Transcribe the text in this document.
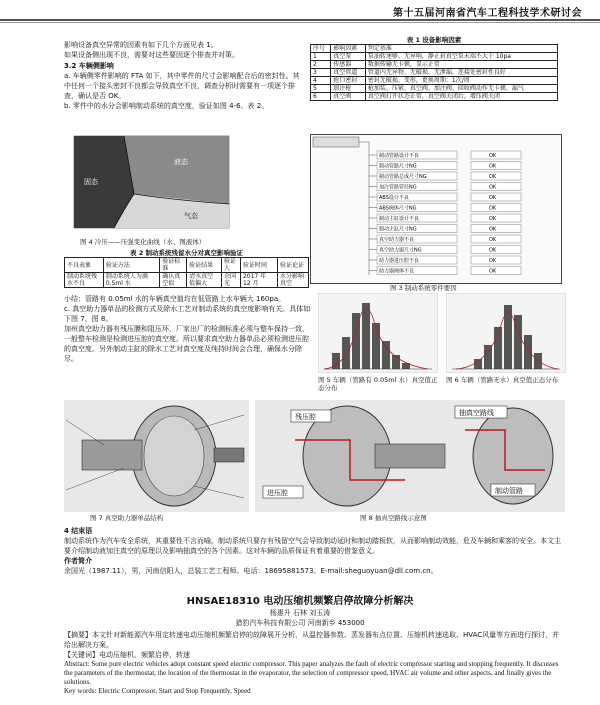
第十五届河南省汽车工程科技学术研讨会
影响设备真空异常的因素有如下几个方面见表 1。
如果设备侧出现不良，需要对这些要因逐个排查并对策。
3.2 车辆侧影响
a. 车辆侧零件影响的 FTA 如下，其中零件的尺寸会影响配合后的密封性。其中任何一个接头密封不良都会导致真空不良，调查分析时需要有一项逐个排查，确认是否 OK。
b. 零件中的水分会影响制动系统的真空度，验证如图 4-6、表 2。
表 1 设备影响因素
序号	影响因素	判定基准
1	真空泵	泵油转速够、无异响，静止封真空泵末端不大于 10pa
2	传感器	数据传输无卡顿，显示正常
3	真空管道	管道内无异物、无破损、无泄漏，连接处密封性良好
4	抢口密封	密封无破损、变形，更换周期：1次/周
5	加注枪	枪加装、压紧、真空阀、加注阀、回收阀动作无卡顿、漏气
6	真空阀	真空阀打开状态正常，真空阀关闭后，增压阀关闭
固态
液态
气态
图 4 冷压——压强变化曲线（水、图液体）
表 2 制动系统残留水分对真空影响验证
不良表象	验证方法	验证标准	验证结果	验证人	验证时间	验证论证
制动系统残水不良	制动系统人为滴 0.5ml 水	确认真空值	清水真空值偏大	余国光	2017 年 12 月	水分影响真空
制动管路设计不良	OK
制动管路尺寸NG	OK
制动管路总成尺寸NG	OK
加注管路管径NG	OK
ABS设计不良	OK
ABS阀体尺寸NG	OK
制动主缸设计不良	OK
制动主缸尺寸NG	OK
真空助力器不良	OK
真空助力器尺寸NG	OK
助力器进压腔不良	OK
助力器阀体不良	OK
图 3 制动系统零件要因
小结：管路有 0.05ml 水的车辆真空值均在低管路上水车辆大 160pa。
c. 真空助力器单品的检测方式及除水工艺对制动系统的真空度影响有关。具体如下图 7、图 8。
加州真空助力器有残压膜和阻压环，厂家出厂的检测标准必须与整车保持一致，一般整车检测是检测进压腔的真空度。所以要求真空助力器单品必须检测进压腔的真空度。另外制动主缸的除水工艺对真空度及纯持时间会合理，确保水分除尽。
图 5 车辆（管路有 0.05ml 水）真空值正态分布
图 6 车辆（管路无水）真空值正态分布
图 7 真空助力器单品结构
残压腔
进压腔
抽真空路线
制动管路
图 8 抽真空路线示意图
4 结束语
制动系统作为汽车安全系统，其重要性不言而喻。制动系统只要存有残留空气会导致制动延时和制动踏板软，从而影响制动效能，危及车辆和乘客的安全。本文主要介绍制动液加注真空的原理以及影响抽真空的各个因素。这对车辆的品质保证有着重要的借鉴意义。
作者简介
余国光（1987.11），男，河南信阳人，总装工艺工程师。电话：18695881573。E-mail:sheguoyuan@dll.com.cn。
HNSAE18310 电动压缩机频繁启停故障分析解决
杨惠升 石林 刘玉涛
猎豹汽车科技有限公司 河南新乡 453000
【摘要】本文针对新能源汽车用定转速电动压缩机频繁启停的故障展开分析，从温控器参数、蒸发器布点位置、压缩机转速选取、HVAC风量等方面进行探讨，并给出解决方案。
【关键词】电动压缩机，频繁启停，转速
Abstract: Some pure electric vehicles adopt constant speed electric compressor. This paper analyzes the fault of electric compressor starting and stopping frequently. It discusses the parameters of the thermostat, the location of the thermostat in the evaporator, the selection of compressor speed, HVAC air volume and other aspects, and finally gives the solutions.
Key words: Electric Compressor, Start and Stop Frequently, Speed
